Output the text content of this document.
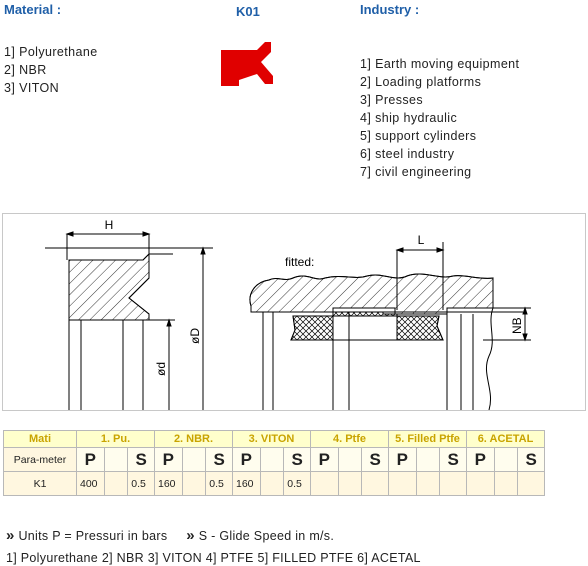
Material :	K01	Industry :
1] Polyurethane
2] NBR
3] VITON
1] Earth moving equipment
2] Loading platforms
3] Presses
4] ship hydraulic
5] support cylinders
6] steel industry
7] civil engineering
H
øD
ød
fitted:
L
NB
Mati	1. Pu.			2. NBR.			3. VITON			4. Ptfe			5. Filled Ptfe			6. ACETAL		
Para-meter	P		S	P		S	P		S	P		S	P		S	P		S
K1	400		0.5	160		0.5	160		0.5									
» Units P = Pressuri in bars » S - Glide Speed in m/s.
1] Polyurethane 2] NBR 3] VITON 4] PTFE 5] FILLED PTFE 6] ACETAL
